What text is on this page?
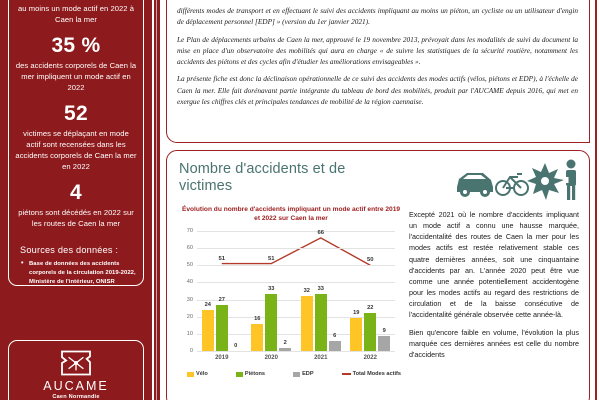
au moins un mode actif en 2022 à Caen la mer
35 %
des accidents corporels de Caen la mer impliquent un mode actif en 2022
52
victimes se déplaçant en mode actif sont recensées dans les accidents corporels de Caen la mer en 2022
4
piétons sont décédés en 2022 sur les routes de Caen la mer
Sources des données :
• Base de données des accidents corporels de la circulation 2019-2022, Ministère de l'intérieur, ONISR
AUCAME
Caen Normandie
différents modes de transport et en effectuant le suivi des accidents impliquant au moins un piéton, un cycliste ou un utilisateur d'engin de déplacement personnel [EDP] » (version du 1er janvier 2021).
Le Plan de déplacements urbains de Caen la mer, approuvé le 19 novembre 2013, prévoyait dans les modalités de suivi du document la mise en place d'un observatoire des mobilités qui aura en charge « de suivre les statistiques de la sécurité routière, notamment les accidents des piétons et des cycles afin d'étudier les améliorations envisageables ».
La présente fiche est donc la déclinaison opérationnelle de ce suivi des accidents des modes actifs (vélos, piétons et EDP), à l'échelle de Caen la mer. Elle fait dorénavant partie intégrante du tableau de bord des mobilités, produit par l'AUCAME depuis 2016, qui met en exergue les chiffres clés et principales tendances de mobilité de la région caennaise.
Nombre d'accidents et de victimes
Évolution du nombre d'accidents impliquant un mode actif entre 2019 et 2022 sur Caen la mer
0
10
20
30
40
50
60
70
24
27
0
2019
16
33
2
2020
32	33
6
2021
19
22
9
2022
51	51
66
50
Vélo	Piétons	EDP	Total Modes actifs
Excepté 2021 où le nombre d'accidents impliquant un mode actif a connu une hausse marquée, l'accidentalité des routes de Caen la mer pour les modes actifs est restée relativement stable ces quatre dernières années, soit une cinquantaine d'accidents par an. L'année 2020 peut être vue comme une année potentiellement accidentogène pour les modes actifs au regard des restrictions de circulation et de la baisse consécutive de l'accidentalité générale observée cette année-là.
Bien qu'encore faible en volume, l'évolution la plus marquée ces dernières années est celle du nombre d'accidents
